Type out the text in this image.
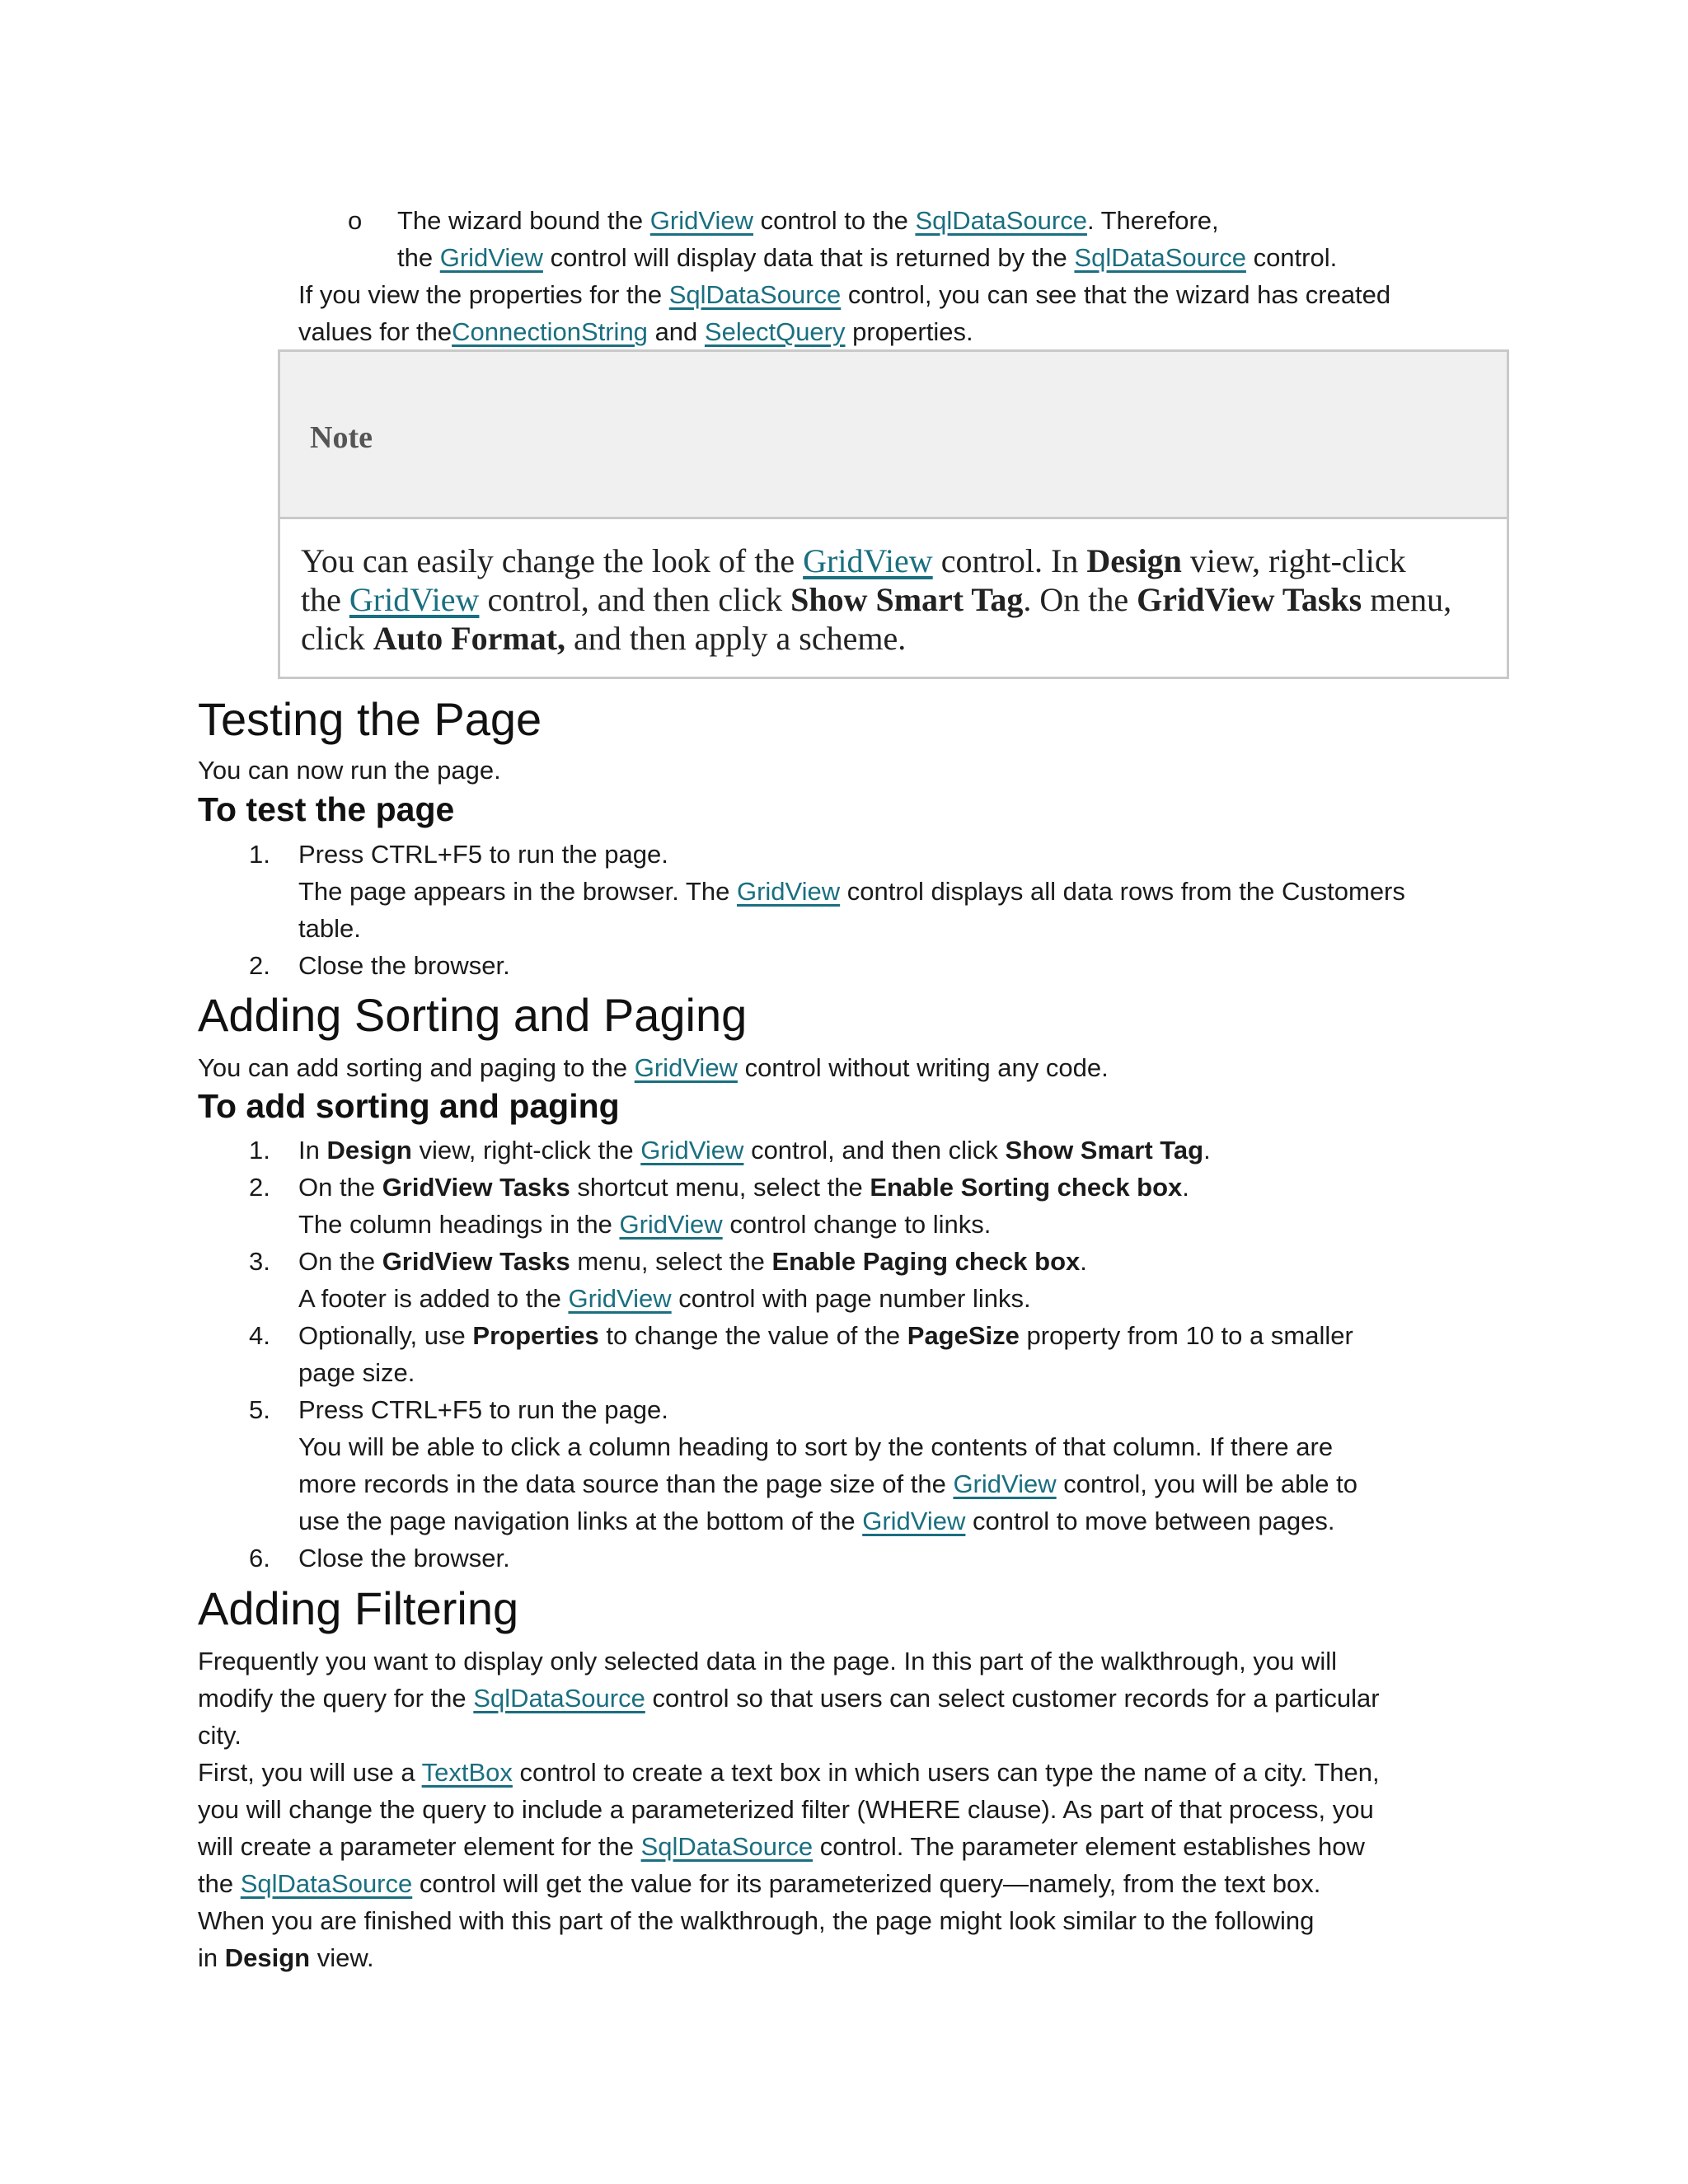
o The wizard bound the GridView control to the SqlDataSource. Therefore,
the GridView control will display data that is returned by the SqlDataSource control.
If you view the properties for the SqlDataSource control, you can see that the wizard has created
values for theConnectionString and SelectQuery properties.
Note
You can easily change the look of the GridView control. In Design view, right-click
the GridView control, and then click Show Smart Tag. On the GridView Tasks menu,
click Auto Format, and then apply a scheme.
Testing the Page
You can now run the page.
To test the page
1. Press CTRL+F5 to run the page.
The page appears in the browser. The GridView control displays all data rows from the Customers
table.
2. Close the browser.
Adding Sorting and Paging
You can add sorting and paging to the GridView control without writing any code.
To add sorting and paging
1. In Design view, right-click the GridView control, and then click Show Smart Tag.
2. On the GridView Tasks shortcut menu, select the Enable Sorting check box.
The column headings in the GridView control change to links.
3. On the GridView Tasks menu, select the Enable Paging check box.
A footer is added to the GridView control with page number links.
4. Optionally, use Properties to change the value of the PageSize property from 10 to a smaller
page size.
5. Press CTRL+F5 to run the page.
You will be able to click a column heading to sort by the contents of that column. If there are
more records in the data source than the page size of the GridView control, you will be able to
use the page navigation links at the bottom of the GridView control to move between pages.
6. Close the browser.
Adding Filtering
Frequently you want to display only selected data in the page. In this part of the walkthrough, you will
modify the query for the SqlDataSource control so that users can select customer records for a particular
city.
First, you will use a TextBox control to create a text box in which users can type the name of a city. Then,
you will change the query to include a parameterized filter (WHERE clause). As part of that process, you
will create a parameter element for the SqlDataSource control. The parameter element establishes how
the SqlDataSource control will get the value for its parameterized query—namely, from the text box.
When you are finished with this part of the walkthrough, the page might look similar to the following
in Design view.
